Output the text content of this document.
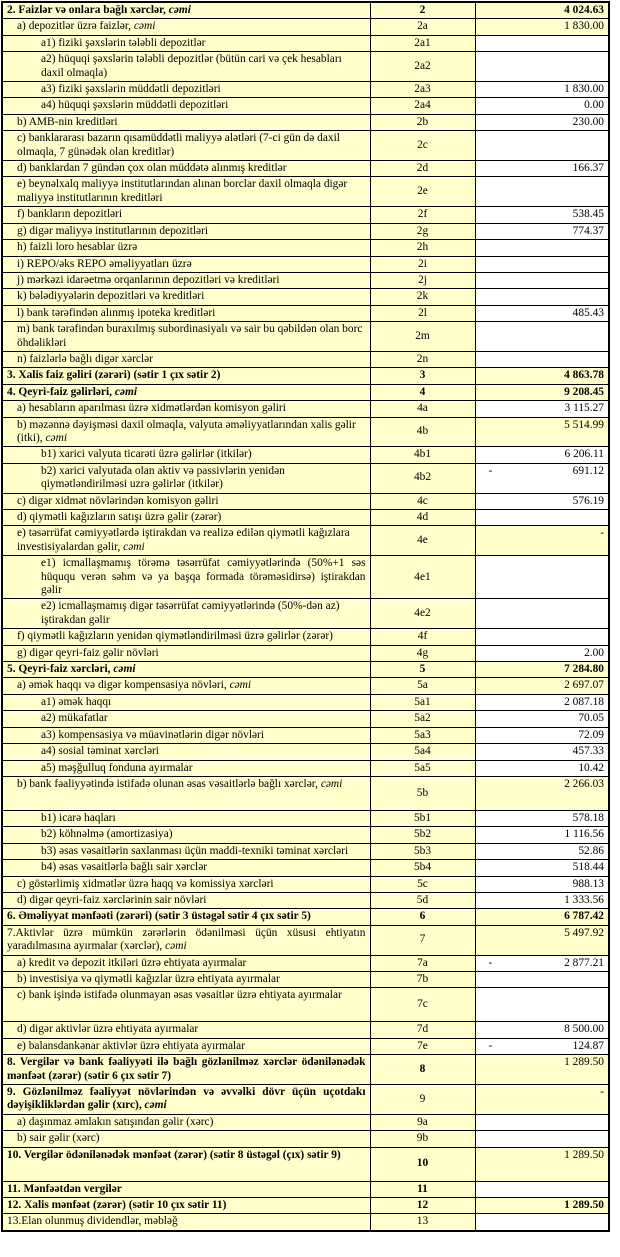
2. Faizlər və onlara bağlı xərclər, cəmi	2	4 024.63
a) depozitlər üzrə faizlər, cəmi	2a	1 830.00
a1) fiziki şəxslərin tələbli depozitlər	2a1	

a2) hüquqi şəxslərin tələbli depozitlər (bütün cari və çek hesabları daxil olmaqla)	2a2	

a3) fiziki şəxslərin müddətli depozitləri	2a3	1 830.00
a4) hüquqi şəxslərin müddətli depozitləri	2a4	0.00
b) AMB-nin kreditləri	2b	230.00
c) banklararası bazarın qısamüddətli maliyyə alətləri (7-ci gün də daxil olmaqla, 7 günədək olan kreditlər)	2c	

d) banklardan 7 gündən çox olan müddətə alınmış kreditlər	2d	166.37
e) beynəlxalq maliyyə institutlarından alınan borclar daxil olmaqla digər maliyyə institutlarının kreditləri	2e	

f) bankların depozitləri	2f	538.45
g) digər maliyyə institutlarının depozitləri	2g	774.37
h) faizli loro hesablar üzrə	2h	

i) REPO/əks REPO əməliyyatları üzrə	2i	

j) mərkəzi idarəetmə orqanlarının depozitləri və kreditləri	2j	

k) bələdiyyələrin depozitləri və kreditləri	2k	

l) bank tərəfindən alınmış ipoteka kreditləri	2l	485.43
m) bank tərəfindən buraxılmış subordinasiyalı və sair bu qəbildən olan borc öhdəlikləri	2m	

n) faizlərlə bağlı digər xərclər	2n	

3. Xalis faiz gəliri (zərəri) (sətir 1 çıx sətir 2)	3	4 863.78
4. Qeyri-faiz gəlirləri, cəmi	4	9 208.45
a) hesabların aparılması üzrə xidmətlərdən komisyon gəliri	4a	3 115.27
b) məzənnə dəyişməsi daxil olmaqla, valyuta əməliyyatlarından xalis gəlir (itki), cəmi	4b	5 514.99
b1) xarici valyuta ticarəti üzrə gəlirlər (itkilər)	4b1	6 206.11
b2) xarici valyutada olan aktiv və passivlərin yenidən qiymətləndirilməsi uzrə gəlirlər (itkilər)	4b2	- 691.12
c) digər xidmət növlərindən komisyon gəliri	4c	576.19
d) qiymətli kağızların satışı üzrə gəlir (zərər)	4d	

e) təsərrüfat cəmiyyətlərdə iştirakdan və realizə edilən qiymətli kağızlara investisiyalardan gəlir, cəmi	4e	-
e1) icmallaşmamış törəmə təsərrüfat cəmiyyətlərində (50%+1 səs hüququ verən səhm və ya başqa formada törəməsidirsə) iştirakdan gəlir	4e1	

e2) icmallaşmamış digər təsərrüfat cəmiyyətlərində (50%-dən az) iştirakdan gəlir	4e2	

f) qiymətli kağızların yenidən qiymətləndirilməsi üzrə gəlirlər (zərər)	4f	

g) digər qeyri-faiz gəlir növləri	4g	2.00
5. Qeyri-faiz xərcləri, cəmi	5	7 284.80
a) əmək haqqı və digər kompensasiya növləri, cəmi	5a	2 697.07
a1) əmək haqqı	5a1	2 087.18
a2) mükafatlar	5a2	70.05
a3) kompensasiya və müavinətlərin digər növləri	5a3	72.09
a4) sosial təminat xərcləri	5a4	457.33
a5) məşğulluq fonduna ayırmalar	5a5	10.42
b) bank fəaliyyətində istifadə olunan əsas vəsaitlərlə bağlı xərclər, cəmi	5b	2 266.03
b1) icarə haqları	5b1	578.18
b2) köhnəlmə (amortizasiya)	5b2	1 116.56
b3) əsas vəsaitlərin saxlanması üçün maddi-texniki təminat xərcləri	5b3	52.86
b4) əsas vəsaitlərlə bağlı sair xərclər	5b4	518.44
c) göstərlimiş xidmətlər üzrə haqq və komissiya xərcləri	5c	988.13
d) digər qeyri-faiz xərclərinin sair növləri	5d	1 333.56
6. Əməliyyat mənfəəti (zərəri) (sətir 3 üstəgəl sətir 4 çıx sətir 5)	6	6 787.42
7.Aktivlər üzrə mümkün zərərlərin ödənilməsi üçün xüsusi ehtiyatın yaradılmasına ayırmalar (xərclər), cəmi	7	5 497.92
a) kredit və depozit itkiləri üzrə ehtiyata ayırmalar	7a	- 2 877.21
b) investisiya və qiymətli kağızlar üzrə ehtiyata ayırmalar	7b	

c) bank işində istifadə olunmayan əsas vəsaitlər üzrə ehtiyata ayırmalar	7c	

d) digər aktivlər üzrə ehtiyata ayırmalar	7d	8 500.00
e) balansdankənar aktivlər üzrə ehtiyata ayırmalar	7e	- 124.87
8. Vergilər və bank fəaliyyəti ilə bağlı gözlənilməz xərclər ödənilənədək mənfəət (zərər) (sətir 6 çıx sətir 7)	8	1 289.50
9. Gözlənilməz fəaliyyət növlərindən və əvvəlki dövr üçün uçotdakı dəyişikliklərdən gəlir (xırc), cəmi	9	-
a) daşınmaz əmlakın satışından gəlir (xərc)	9a	

b) sair gəlir (xərc)	9b	

10. Vergilər ödənilənədək mənfəət (zərər) (sətir 8 üstəgəl (çıx) sətir 9)	10	1 289.50
11. Mənfəətdən vergilər	11	

12. Xalis mənfəət (zərər) (sətir 10 çıx sətir 11)	12	1 289.50
13.Elan olunmuş dividendlər, məbləğ	13	
